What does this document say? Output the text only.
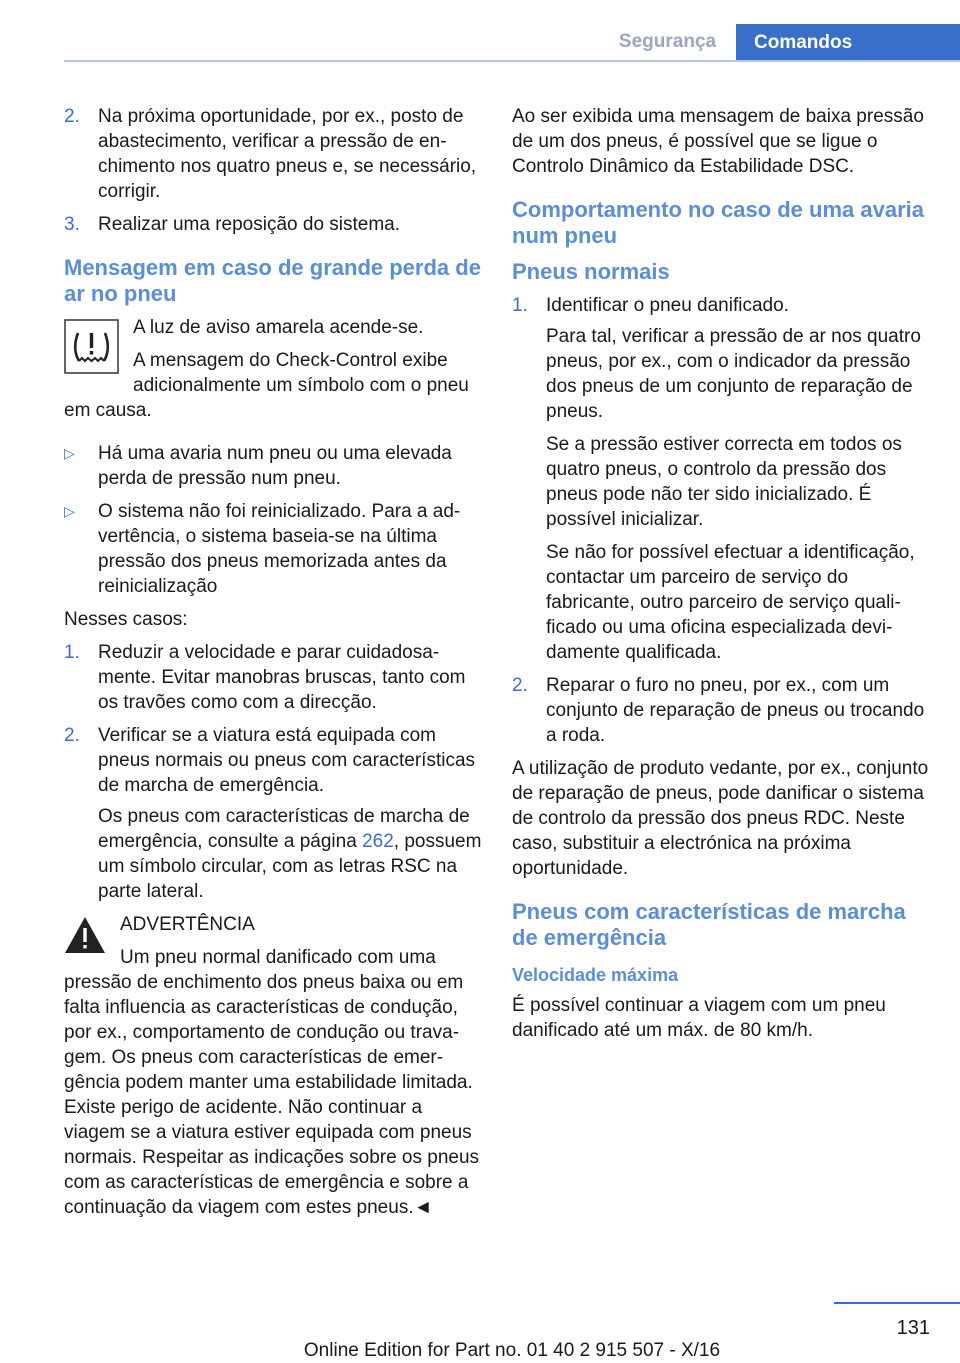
Segurança	Comandos
2. Na próxima oportunidade, por ex., posto de abastecimento, verificar a pressão de enchimento nos quatro pneus e, se necessário, corrigir.
3. Realizar uma reposição do sistema.
Mensagem em caso de grande perda de ar no pneu

A luz de aviso amarela acende-se.

A mensagem do Check-Control exibe adicionalmente um símbolo com o pneu em causa.

▷ Há uma avaria num pneu ou uma elevada perda de pressão num pneu.
▷ O sistema não foi reinicializado. Para a advertência, o sistema baseia-se na última pressão dos pneus memorizada antes da reinicialização

Nesses casos:

1. Reduzir a velocidade e parar cuidadosamente. Evitar manobras bruscas, tanto com os travões como com a direcção.
2. Verificar se a viatura está equipada com pneus normais ou pneus com características de marcha de emergência.

Os pneus com características de marcha de emergência, consulte a página 262, possuem um símbolo circular, com as letras RSC na parte lateral.

ADVERTÊNCIA

Um pneu normal danificado com uma pressão de enchimento dos pneus baixa ou em falta influencia as características de condução, por ex., comportamento de condução ou travagem. Os pneus com características de emergência podem manter uma estabilidade limitada. Existe perigo de acidente. Não continuar a viagem se a viatura estiver equipada com pneus normais. Respeitar as indicações sobre os pneus com as características de emergência e sobre a continuação da viagem com estes pneus.◄

Ao ser exibida uma mensagem de baixa pressão de um dos pneus, é possível que se ligue o Controlo Dinâmico da Estabilidade DSC.

Comportamento no caso de uma avaria num pneu
Pneus normais
1. Identificar o pneu danificado.

Para tal, verificar a pressão de ar nos quatro pneus, por ex., com o indicador da pressão dos pneus de um conjunto de reparação de pneus.

Se a pressão estiver correcta em todos os quatro pneus, o controlo da pressão dos pneus pode não ter sido inicializado. É possível inicializar.

Se não for possível efectuar a identificação, contactar um parceiro de serviço do fabricante, outro parceiro de serviço qualificado ou uma oficina especializada devidamente qualificada.

2. Reparar o furo no pneu, por ex., com um conjunto de reparação de pneus ou trocando a roda.

A utilização de produto vedante, por ex., conjunto de reparação de pneus, pode danificar o sistema de controlo da pressão dos pneus RDC. Neste caso, substituir a electrónica na próxima oportunidade.

Pneus com características de marcha de emergência
Velocidade máxima

É possível continuar a viagem com um pneu danificado até um máx. de 80 km/h.

131
Online Edition for Part no. 01 40 2 915 507 - X/16
